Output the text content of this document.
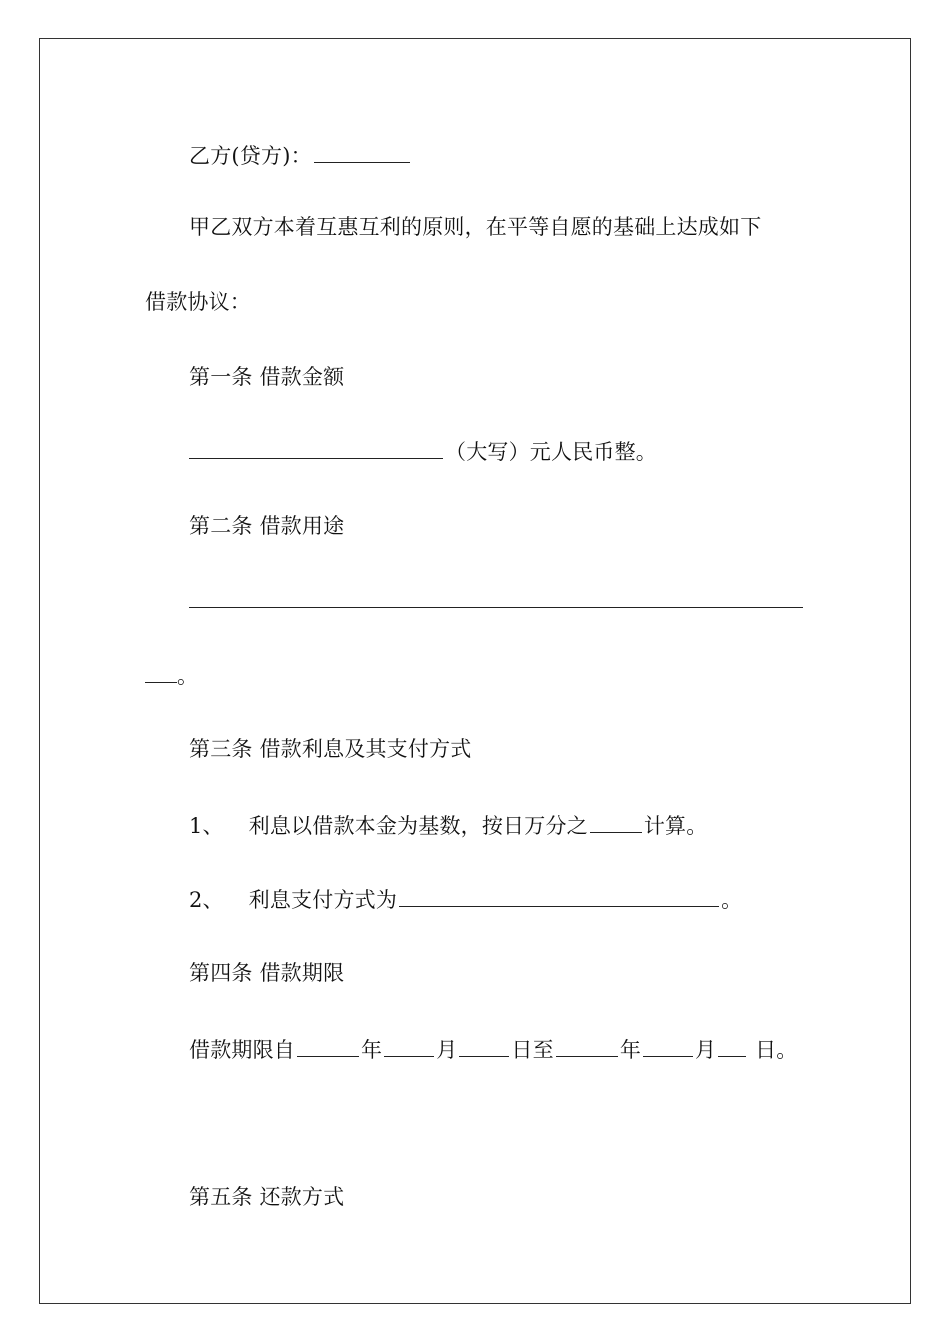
乙方(贷方)：
甲乙双方本着互惠互利的原则，在平等自愿的基础上达成如下
借款协议：
第一条 借款金额
（大写）元人民币整。
第二条 借款用途
。
第三条 借款利息及其支付方式
1、 利息以借款本金为基数，按日万分之	计算。
2、 利息支付方式为	。
第四条 借款期限
借款期限自	年	月	日至	年	月 日。
第五条 还款方式
